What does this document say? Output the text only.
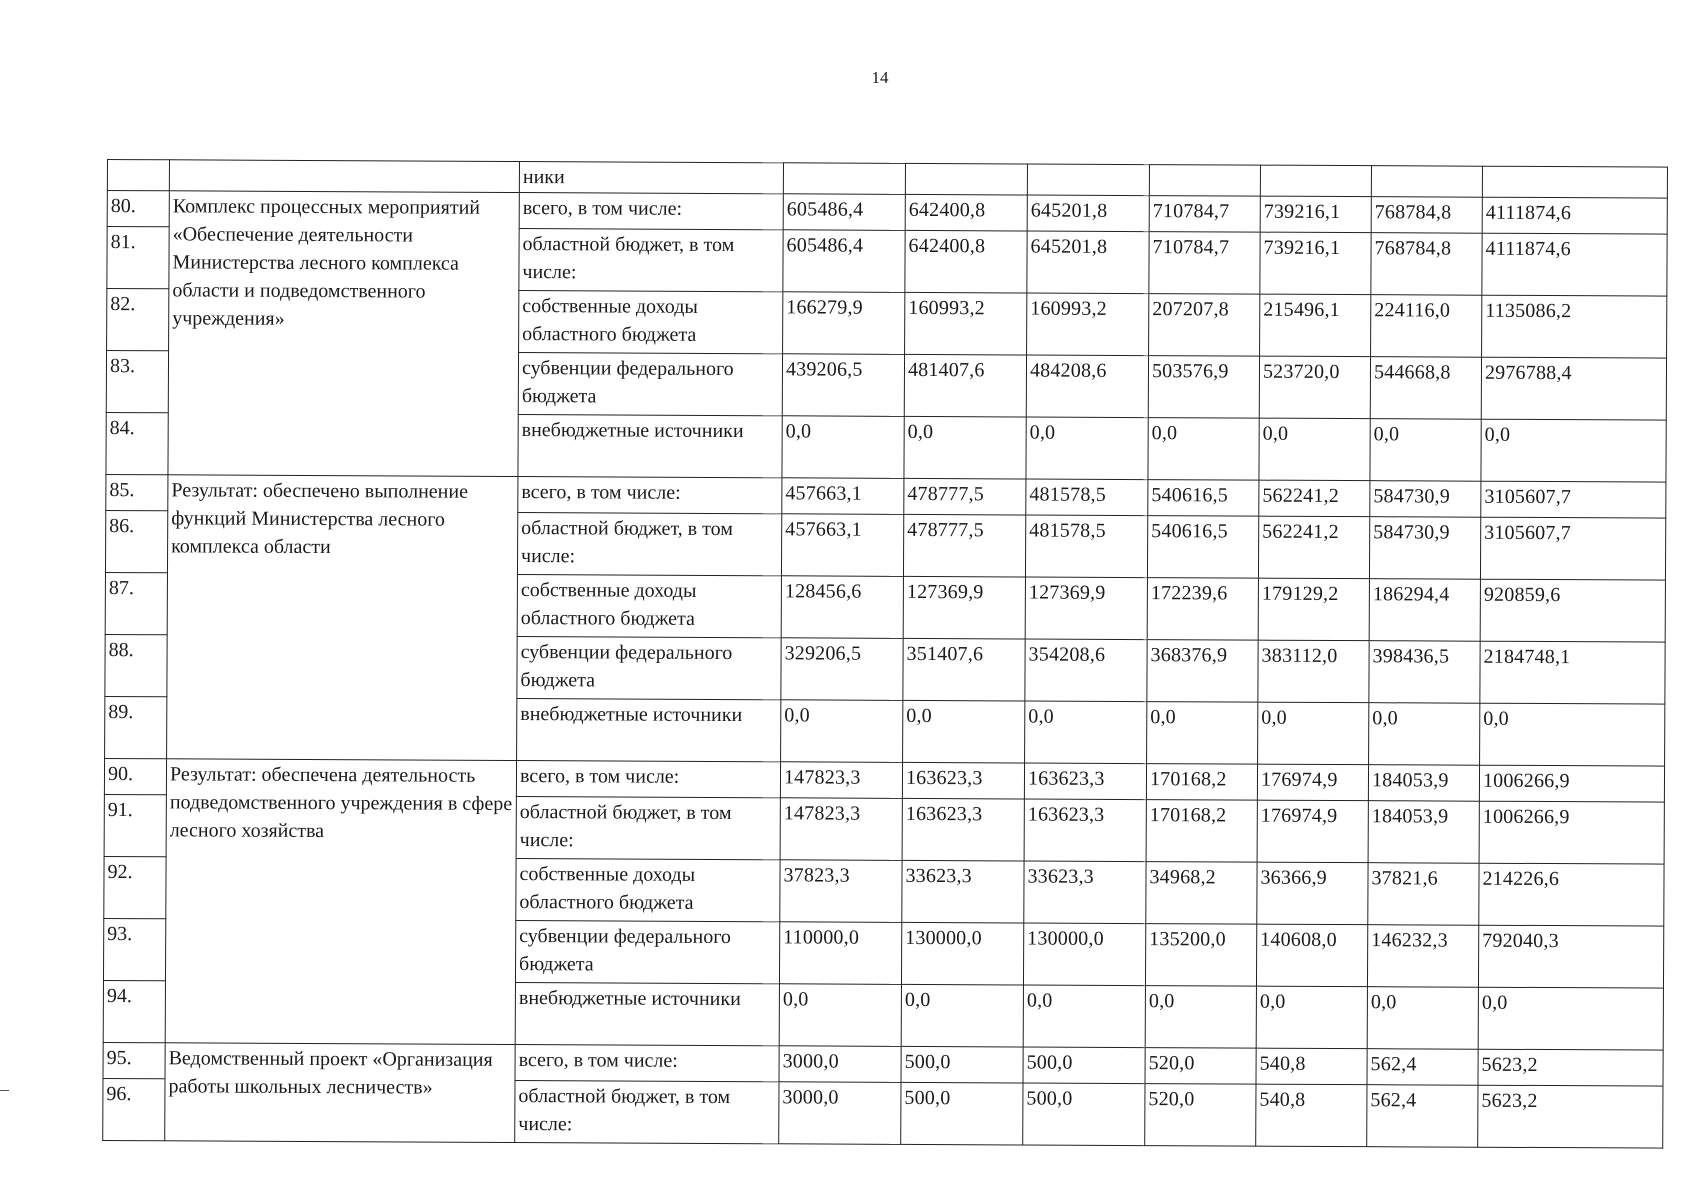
14
		ники							
80.	Комплекс процессных мероприятий «Обеспечение деятельности Министерства лесного комплекса области и подведомственного учреждения»	всего, в том числе:	605486,4	642400,8	645201,8	710784,7	739216,1	768784,8	4111874,6
81.		областной бюджет, в том числе:	605486,4	642400,8	645201,8	710784,7	739216,1	768784,8	4111874,6
82.		собственные доходы областного бюджета	166279,9	160993,2	160993,2	207207,8	215496,1	224116,0	1135086,2
83.		субвенции федерального бюджета	439206,5	481407,6	484208,6	503576,9	523720,0	544668,8	2976788,4
84.		внебюджетные источники	0,0	0,0	0,0	0,0	0,0	0,0	0,0
85.	Результат: обеспечено выполнение функций Министерства лесного комплекса области	всего, в том числе:	457663,1	478777,5	481578,5	540616,5	562241,2	584730,9	3105607,7
86.		областной бюджет, в том числе:	457663,1	478777,5	481578,5	540616,5	562241,2	584730,9	3105607,7
87.		собственные доходы областного бюджета	128456,6	127369,9	127369,9	172239,6	179129,2	186294,4	920859,6
88.		субвенции федерального бюджета	329206,5	351407,6	354208,6	368376,9	383112,0	398436,5	2184748,1
89.		внебюджетные источники	0,0	0,0	0,0	0,0	0,0	0,0	0,0
90.	Результат: обеспечена деятельность подведомственного учреждения в сфере лесного хозяйства	всего, в том числе:	147823,3	163623,3	163623,3	170168,2	176974,9	184053,9	1006266,9
91.		областной бюджет, в том числе:	147823,3	163623,3	163623,3	170168,2	176974,9	184053,9	1006266,9
92.		собственные доходы областного бюджета	37823,3	33623,3	33623,3	34968,2	36366,9	37821,6	214226,6
93.		субвенции федерального бюджета	110000,0	130000,0	130000,0	135200,0	140608,0	146232,3	792040,3
94.		внебюджетные источники	0,0	0,0	0,0	0,0	0,0	0,0	0,0
95.	Ведомственный проект «Организация работы школьных лесничеств»	всего, в том числе:	3000,0	500,0	500,0	520,0	540,8	562,4	5623,2
96.		областной бюджет, в том числе:	3000,0	500,0	500,0	520,0	540,8	562,4	5623,2
